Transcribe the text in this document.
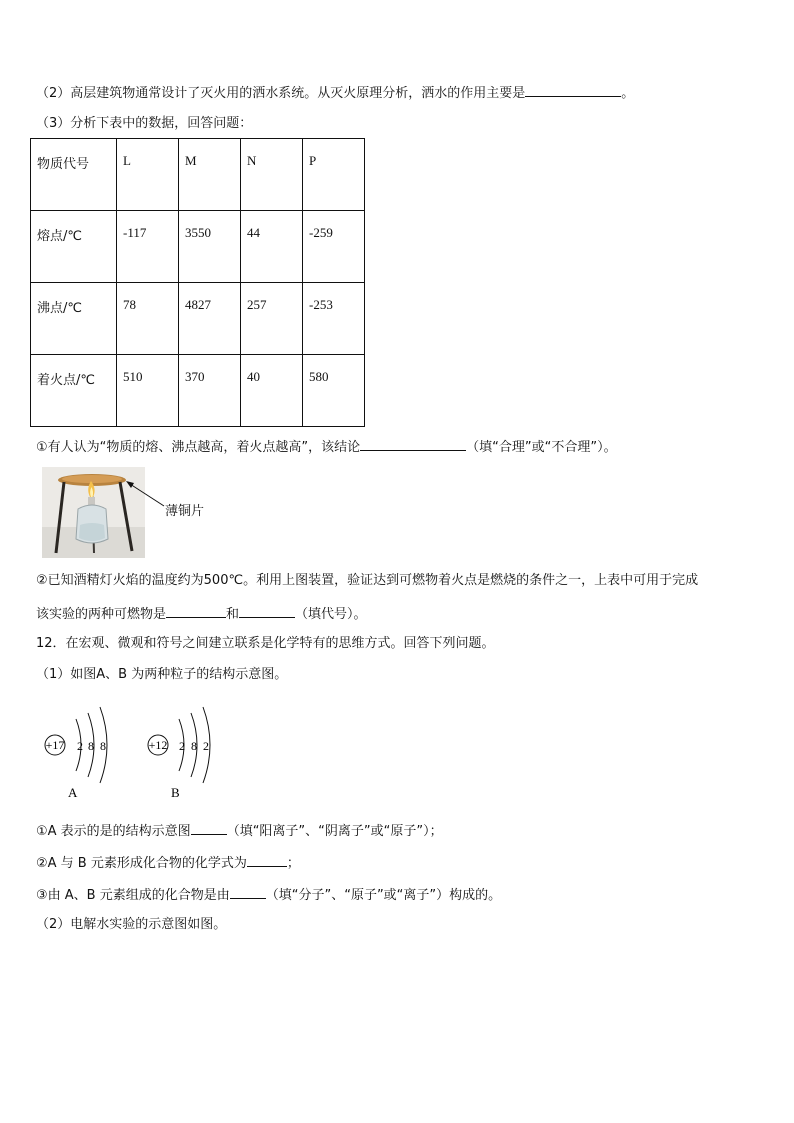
（2）高层建筑物通常设计了灭火用的洒水系统。从灭火原理分析，洒水的作用主要是	。
（3）分析下表中的数据，回答问题：
物质代号	L	M	N	P
熔点/℃	-117	3550	44	-259
沸点/℃	78	4827	257	-253
着火点/℃	510	370	40	580
①有人认为“物质的熔、沸点越高，着火点越高”，该结论	（填“合理”或“不合理”）。
薄铜片
②已知酒精灯火焰的温度约为500℃。利用上图装置，验证达到可燃物着火点是燃烧的条件之一，上表中可用于完成
该实验的两种可燃物是	和	（填代号）。
12．在宏观、微观和符号之间建立联系是化学特有的思维方式。回答下列问题。
（1）如图A、B 为两种粒子的结构示意图。
+17 2 8 8
A
+12 2 8 2
B
①A 表示的是的结构示意图	（填“阳离子”、“阴离子”或“原子”）；
②A 与 B 元素形成化合物的化学式为	；
③由 A、B 元素组成的化合物是由	（填“分子”、“原子”或“离子”）构成的。
（2）电解水实验的示意图如图。
